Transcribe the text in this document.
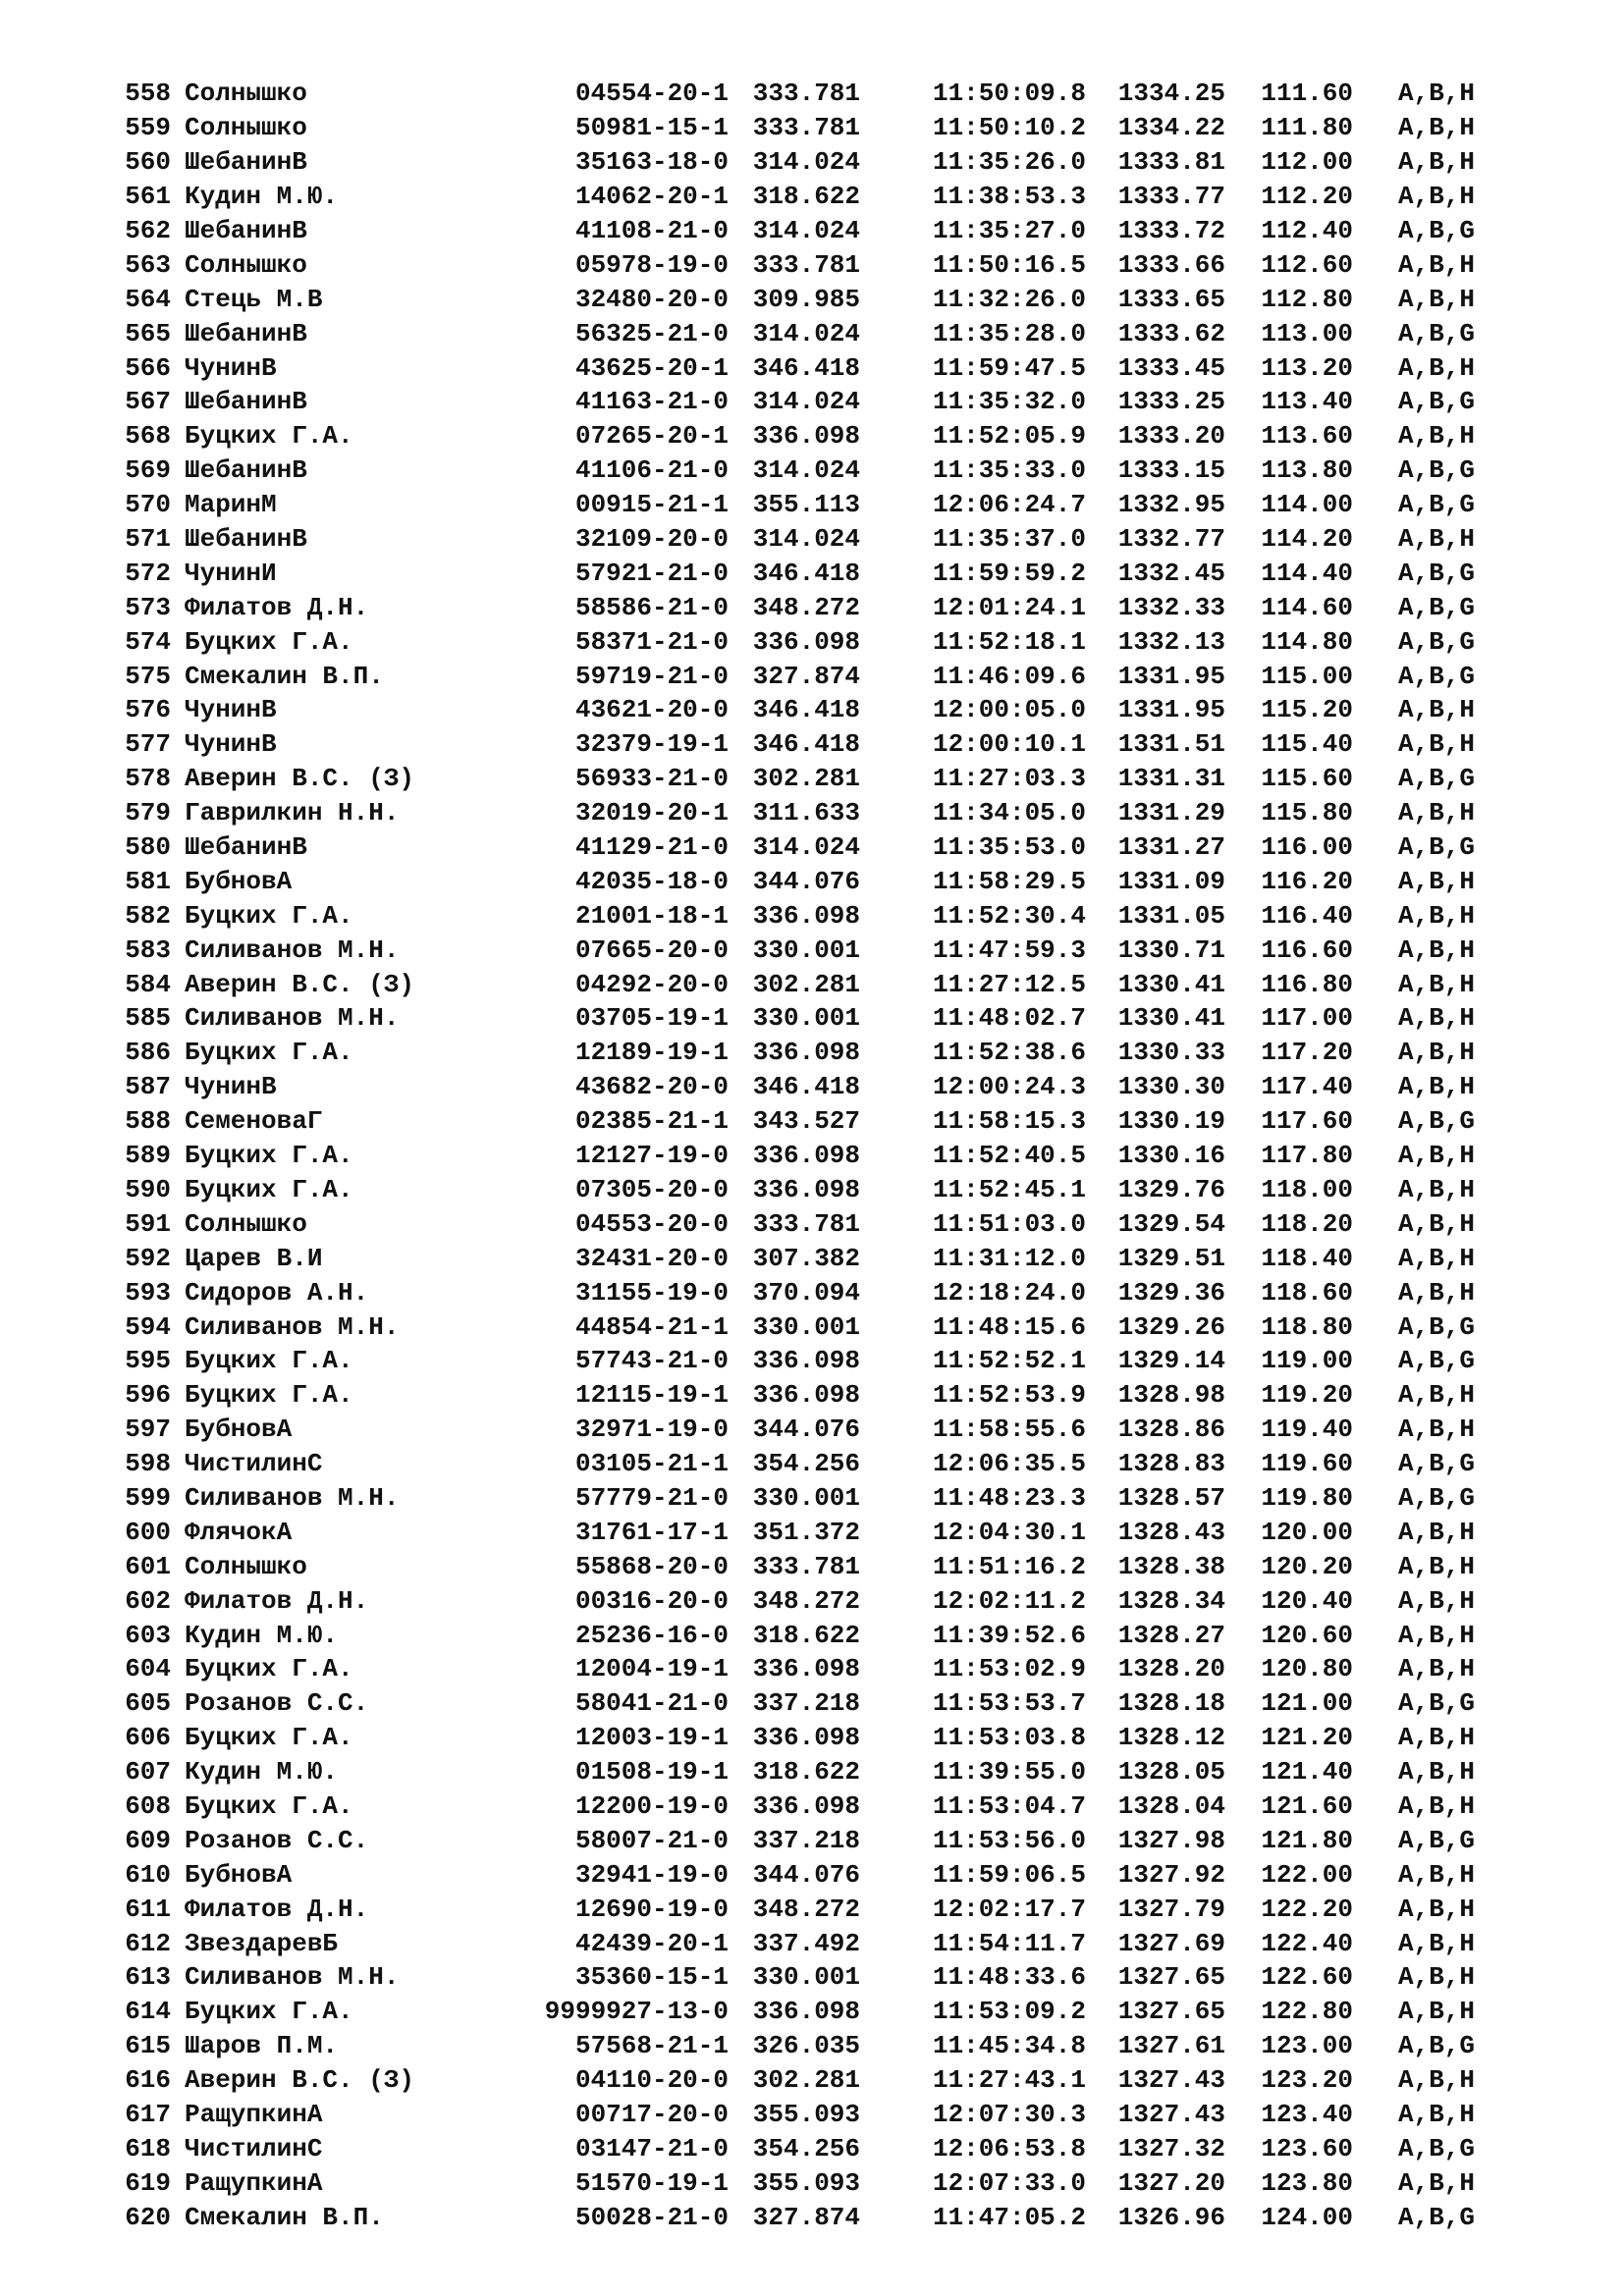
558 Солнышко	04554-20-1 333.781	11:50:09.8	1334.25	111.60	A,B,H
559 Солнышко	50981-15-1 333.781	11:50:10.2	1334.22	111.80	A,B,H
560 ШебанинВ	35163-18-0 314.024	11:35:26.0	1333.81	112.00	A,B,H
561 Кудин М.Ю.	14062-20-1 318.622	11:38:53.3	1333.77	112.20	A,B,H
562 ШебанинВ	41108-21-0 314.024	11:35:27.0	1333.72	112.40	A,B,G
563 Солнышко	05978-19-0 333.781	11:50:16.5	1333.66	112.60	A,B,H
564 Стець М.В	32480-20-0 309.985	11:32:26.0	1333.65	112.80	A,B,H
565 ШебанинВ	56325-21-0 314.024	11:35:28.0	1333.62	113.00	A,B,G
566 ЧунинВ	43625-20-1 346.418	11:59:47.5	1333.45	113.20	A,B,H
567 ШебанинВ	41163-21-0 314.024	11:35:32.0	1333.25	113.40	A,B,G
568 Буцких Г.А.	07265-20-1 336.098	11:52:05.9	1333.20	113.60	A,B,H
569 ШебанинВ	41106-21-0 314.024	11:35:33.0	1333.15	113.80	A,B,G
570 МаринМ	00915-21-1 355.113	12:06:24.7	1332.95	114.00	A,B,G
571 ШебанинВ	32109-20-0 314.024	11:35:37.0	1332.77	114.20	A,B,H
572 ЧунинИ	57921-21-0 346.418	11:59:59.2	1332.45	114.40	A,B,G
573 Филатов Д.Н.	58586-21-0 348.272	12:01:24.1	1332.33	114.60	A,B,G
574 Буцких Г.А.	58371-21-0 336.098	11:52:18.1	1332.13	114.80	A,B,G
575 Смекалин В.П.	59719-21-0 327.874	11:46:09.6	1331.95	115.00	A,B,G
576 ЧунинВ	43621-20-0 346.418	12:00:05.0	1331.95	115.20	A,B,H
577 ЧунинВ	32379-19-1 346.418	12:00:10.1	1331.51	115.40	A,B,H
578 Аверин В.С. (З)	56933-21-0 302.281	11:27:03.3	1331.31	115.60	A,B,G
579 Гаврилкин Н.Н.	32019-20-1 311.633	11:34:05.0	1331.29	115.80	A,B,H
580 ШебанинВ	41129-21-0 314.024	11:35:53.0	1331.27	116.00	A,B,G
581 БубновА	42035-18-0 344.076	11:58:29.5	1331.09	116.20	A,B,H
582 Буцких Г.А.	21001-18-1 336.098	11:52:30.4	1331.05	116.40	A,B,H
583 Силиванов М.Н.	07665-20-0 330.001	11:47:59.3	1330.71	116.60	A,B,H
584 Аверин В.С. (З)	04292-20-0 302.281	11:27:12.5	1330.41	116.80	A,B,H
585 Силиванов М.Н.	03705-19-1 330.001	11:48:02.7	1330.41	117.00	A,B,H
586 Буцких Г.А.	12189-19-1 336.098	11:52:38.6	1330.33	117.20	A,B,H
587 ЧунинВ	43682-20-0 346.418	12:00:24.3	1330.30	117.40	A,B,H
588 СеменоваГ	02385-21-1 343.527	11:58:15.3	1330.19	117.60	A,B,G
589 Буцких Г.А.	12127-19-0 336.098	11:52:40.5	1330.16	117.80	A,B,H
590 Буцких Г.А.	07305-20-0 336.098	11:52:45.1	1329.76	118.00	A,B,H
591 Солнышко	04553-20-0 333.781	11:51:03.0	1329.54	118.20	A,B,H
592 Царев В.И	32431-20-0 307.382	11:31:12.0	1329.51	118.40	A,B,H
593 Сидоров А.Н.	31155-19-0 370.094	12:18:24.0	1329.36	118.60	A,B,H
594 Силиванов М.Н.	44854-21-1 330.001	11:48:15.6	1329.26	118.80	A,B,G
595 Буцких Г.А.	57743-21-0 336.098	11:52:52.1	1329.14	119.00	A,B,G
596 Буцких Г.А.	12115-19-1 336.098	11:52:53.9	1328.98	119.20	A,B,H
597 БубновА	32971-19-0 344.076	11:58:55.6	1328.86	119.40	A,B,H
598 ЧистилинС	03105-21-1 354.256	12:06:35.5	1328.83	119.60	A,B,G
599 Силиванов М.Н.	57779-21-0 330.001	11:48:23.3	1328.57	119.80	A,B,G
600 ФлячокА	31761-17-1 351.372	12:04:30.1	1328.43	120.00	A,B,H
601 Солнышко	55868-20-0 333.781	11:51:16.2	1328.38	120.20	A,B,H
602 Филатов Д.Н.	00316-20-0 348.272	12:02:11.2	1328.34	120.40	A,B,H
603 Кудин М.Ю.	25236-16-0 318.622	11:39:52.6	1328.27	120.60	A,B,H
604 Буцких Г.А.	12004-19-1 336.098	11:53:02.9	1328.20	120.80	A,B,H
605 Розанов С.С.	58041-21-0 337.218	11:53:53.7	1328.18	121.00	A,B,G
606 Буцких Г.А.	12003-19-1 336.098	11:53:03.8	1328.12	121.20	A,B,H
607 Кудин М.Ю.	01508-19-1 318.622	11:39:55.0	1328.05	121.40	A,B,H
608 Буцких Г.А.	12200-19-0 336.098	11:53:04.7	1328.04	121.60	A,B,H
609 Розанов С.С.	58007-21-0 337.218	11:53:56.0	1327.98	121.80	A,B,G
610 БубновА	32941-19-0 344.076	11:59:06.5	1327.92	122.00	A,B,H
611 Филатов Д.Н.	12690-19-0 348.272	12:02:17.7	1327.79	122.20	A,B,H
612 ЗвездаревБ	42439-20-1 337.492	11:54:11.7	1327.69	122.40	A,B,H
613 Силиванов М.Н.	35360-15-1 330.001	11:48:33.6	1327.65	122.60	A,B,H
614 Буцких Г.А.	9999927-13-0 336.098	11:53:09.2	1327.65	122.80	A,B,H
615 Шаров П.М.	57568-21-1 326.035	11:45:34.8	1327.61	123.00	A,B,G
616 Аверин В.С. (З)	04110-20-0 302.281	11:27:43.1	1327.43	123.20	A,B,H
617 РащупкинА	00717-20-0 355.093	12:07:30.3	1327.43	123.40	A,B,H
618 ЧистилинС	03147-21-0 354.256	12:06:53.8	1327.32	123.60	A,B,G
619 РащупкинА	51570-19-1 355.093	12:07:33.0	1327.20	123.80	A,B,H
620 Смекалин В.П.	50028-21-0 327.874	11:47:05.2	1326.96	124.00	A,B,G
